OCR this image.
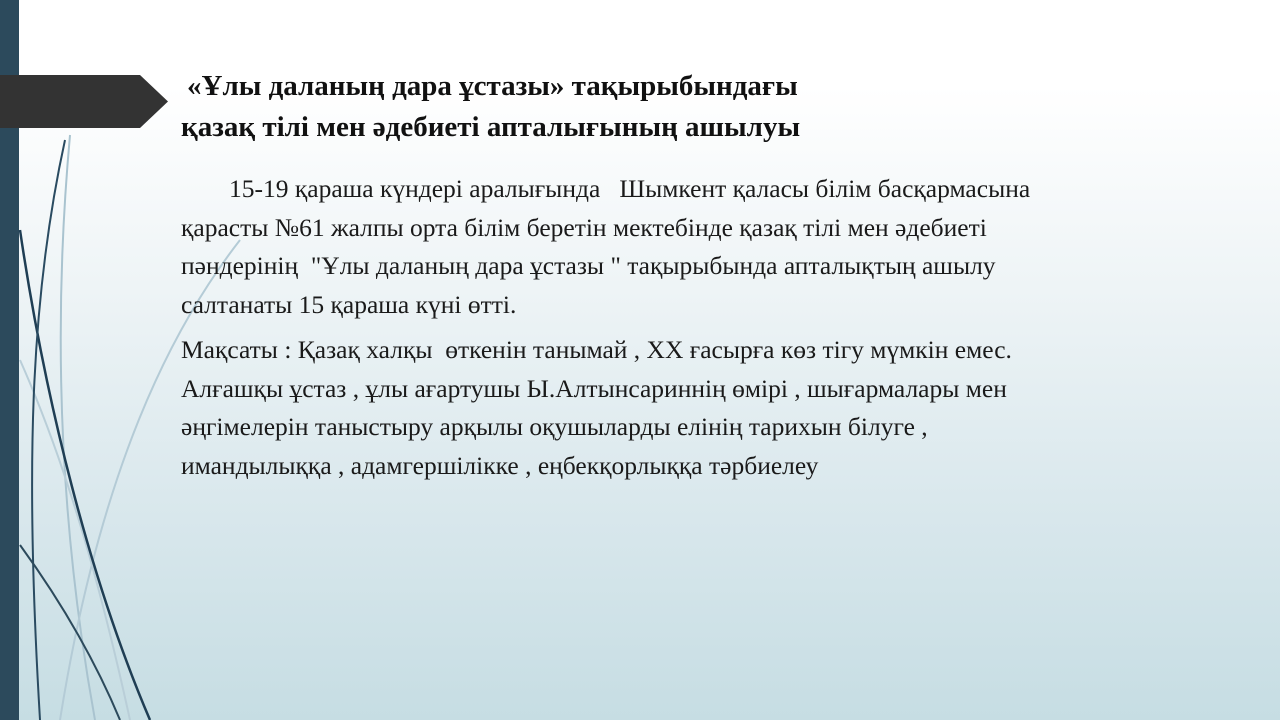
«Ұлы даланың дара ұстазы» тақырыбындағы
қазақ тілі мен әдебиеті апталығының ашылуы

15-19 қараша күндері аралығында   Шымкент қаласы білім басқармасына қарасты №61 жалпы орта білім беретін мектебінде қазақ тілі мен әдебиеті пәндерінің  "Ұлы даланың дара ұстазы " тақырыбында апталықтың ашылу салтанаты 15 қараша күні өтті.

Мақсаты : Қазақ халқы  өткенін танымай , ХХ ғасырға көз тігу мүмкін емес. Алғашқы ұстаз , ұлы ағартушы Ы.Алтынсариннің өмірі , шығармалары мен әңгімелерін таныстыру арқылы оқушыларды елінің тарихын білуге , имандылыққа , адамгершілікке , еңбекқорлыққа тәрбиелеу
